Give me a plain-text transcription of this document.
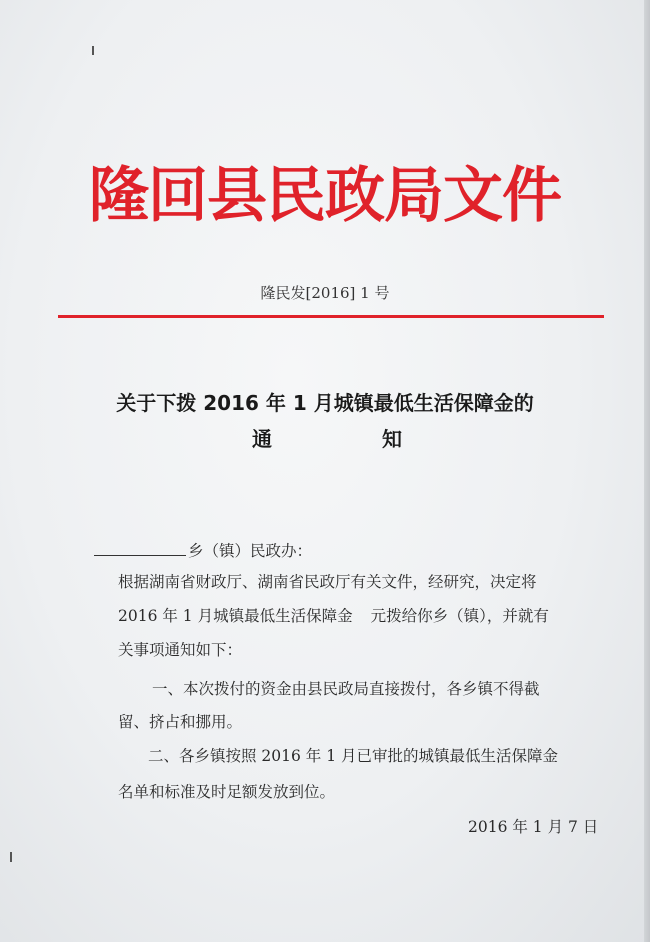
隆回县民政局文件
隆民发[2016] 1 号
关于下拨 2016 年 1 月城镇最低生活保障金的
通	知
乡（镇）民政办：
根据湖南省财政厅、湖南省民政厅有关文件，经研究，决定将
2016 年 1 月城镇最低生活保障金 元拨给你乡（镇），并就有
关事项通知如下：
一、本次拨付的资金由县民政局直接拨付，各乡镇不得截
留、挤占和挪用。
二、各乡镇按照 2016 年 1 月已审批的城镇最低生活保障金
名单和标准及时足额发放到位。
2016 年 1 月 7 日
